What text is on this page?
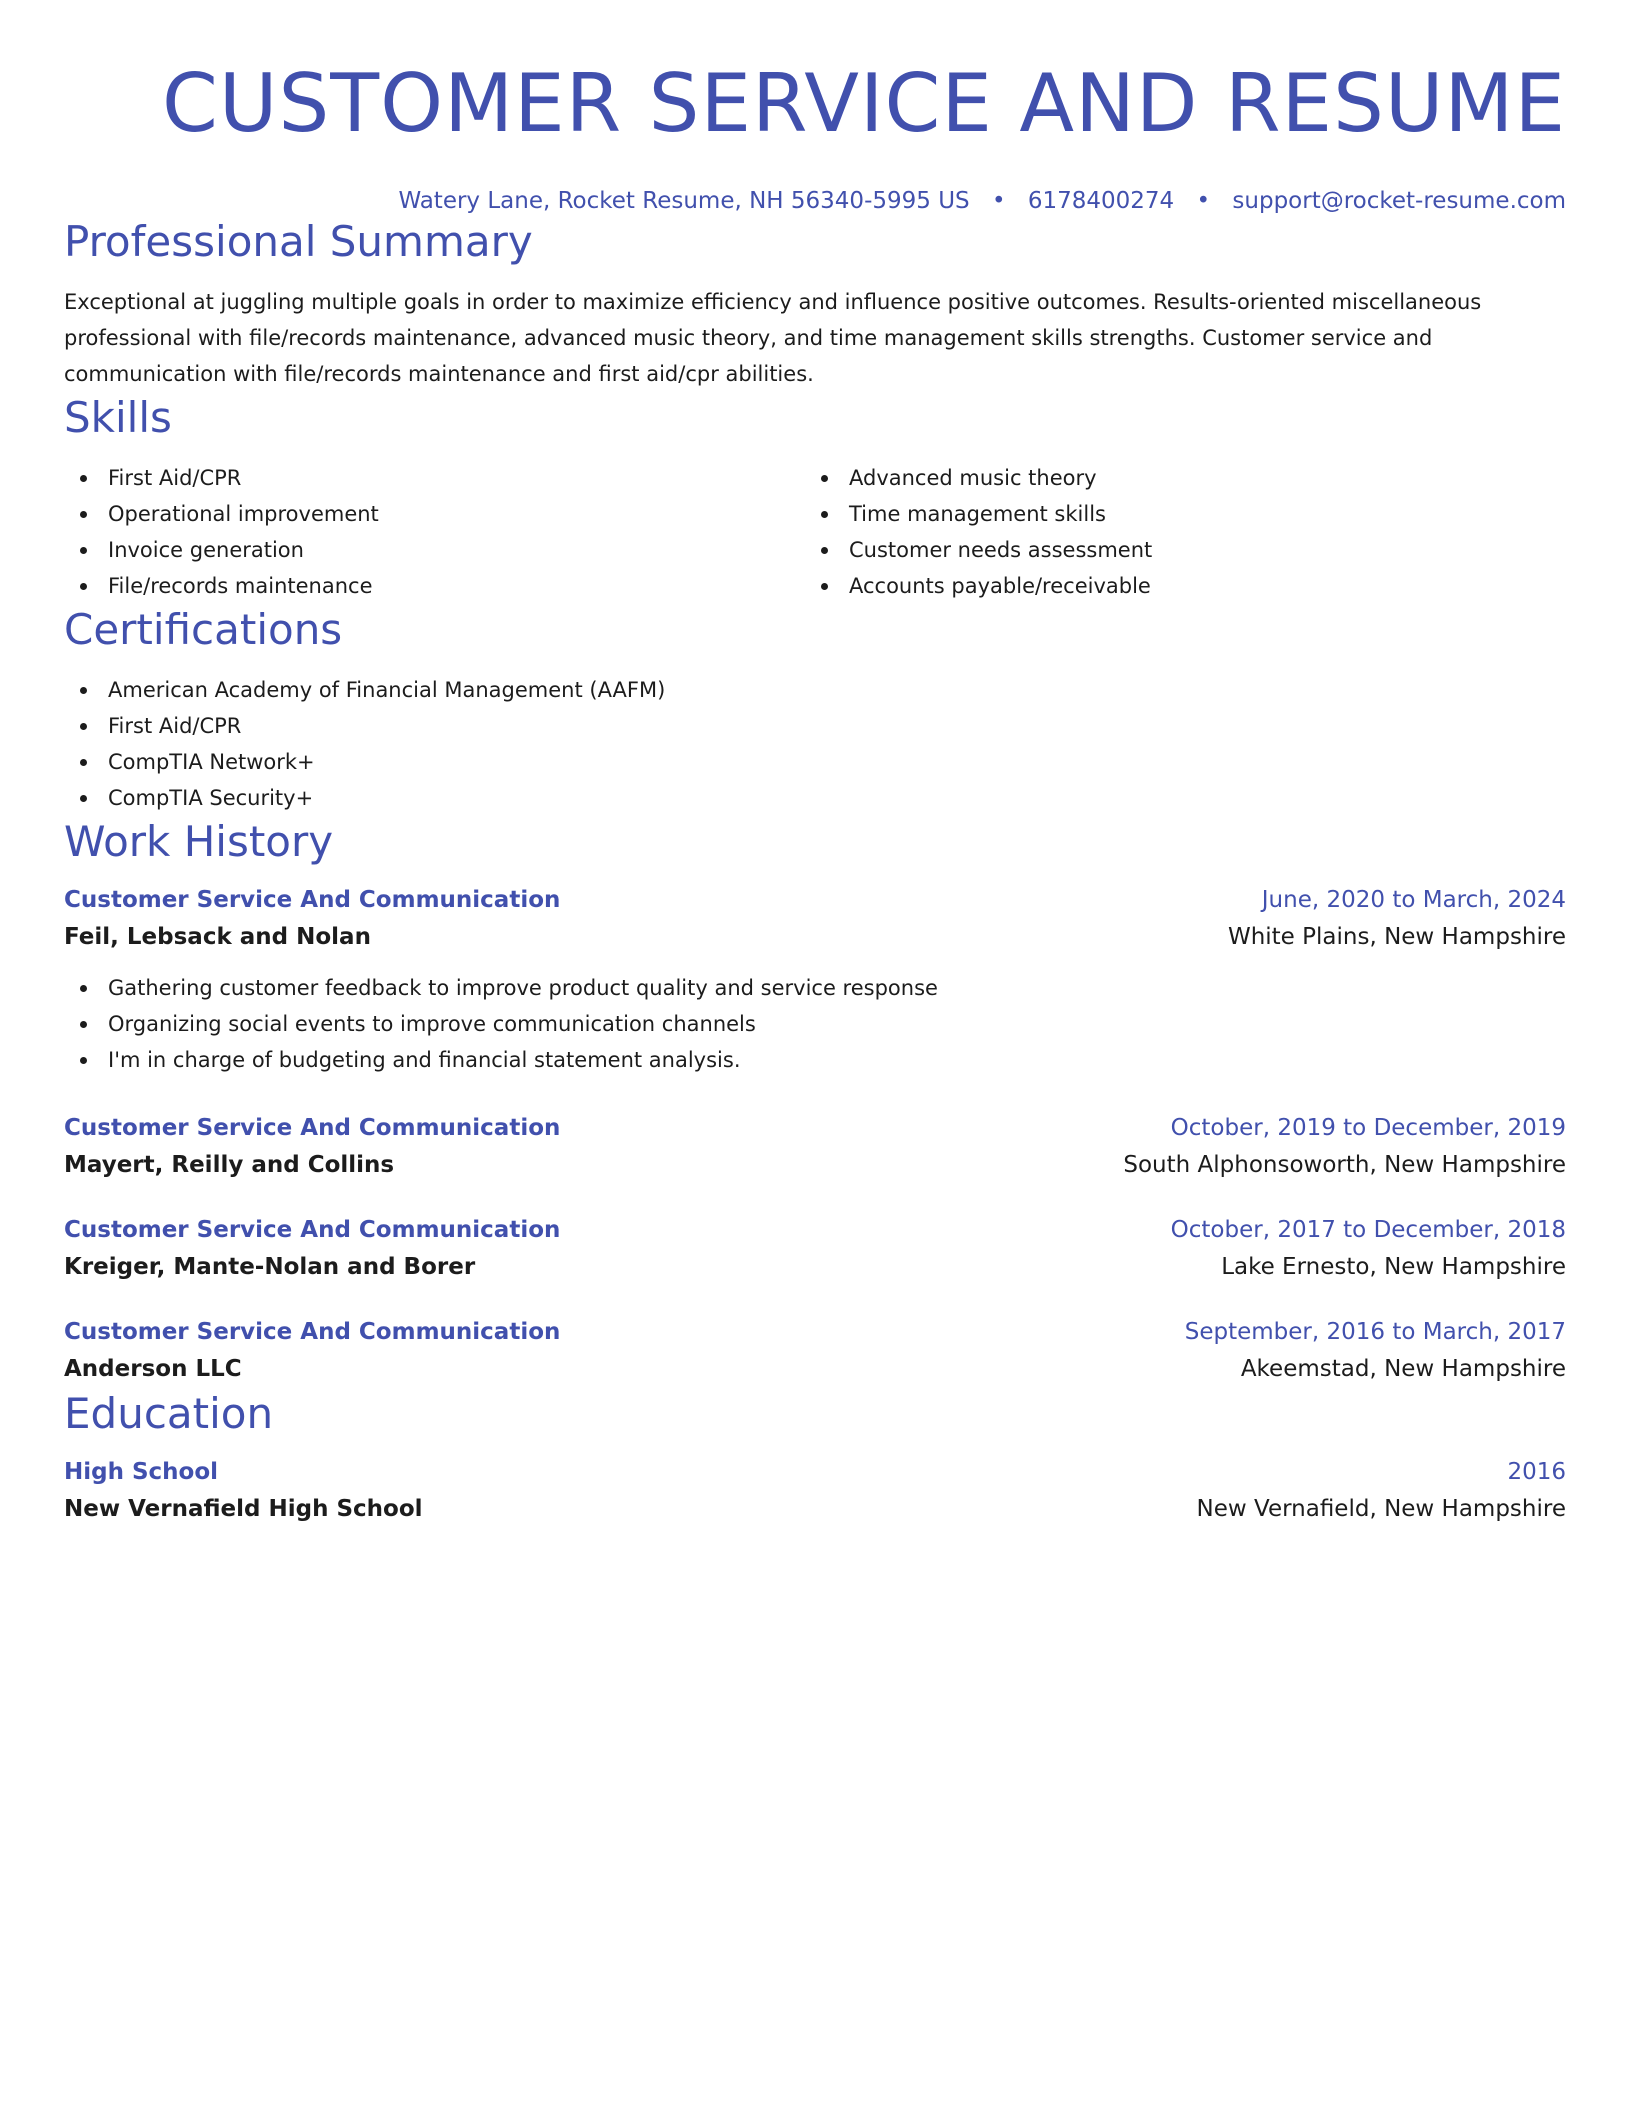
CUSTOMER SERVICE AND RESUME
Watery Lane, Rocket Resume, NH 56340-5995 US • 6178400274 • support@rocket-resume.com
Professional Summary
Exceptional at juggling multiple goals in order to maximize efficiency and influence positive outcomes. Results-oriented miscellaneous professional with file/records maintenance, advanced music theory, and time management skills strengths. Customer service and communication with file/records maintenance and first aid/cpr abilities.
Skills
First Aid/CPR
Operational improvement
Invoice generation
File/records maintenance
Advanced music theory
Time management skills
Customer needs assessment
Accounts payable/receivable
Certifications
American Academy of Financial Management (AAFM)
First Aid/CPR
CompTIA Network+
CompTIA Security+
Work History
Customer Service And Communication	June, 2020 to March, 2024
Feil, Lebsack and Nolan	White Plains, New Hampshire
Gathering customer feedback to improve product quality and service response
Organizing social events to improve communication channels
I'm in charge of budgeting and financial statement analysis.
Customer Service And Communication	October, 2019 to December, 2019
Mayert, Reilly and Collins	South Alphonsoworth, New Hampshire
Customer Service And Communication	October, 2017 to December, 2018
Kreiger, Mante-Nolan and Borer	Lake Ernesto, New Hampshire
Customer Service And Communication	September, 2016 to March, 2017
Anderson LLC	Akeemstad, New Hampshire
Education
High School	2016
New Vernafield High School	New Vernafield, New Hampshire
